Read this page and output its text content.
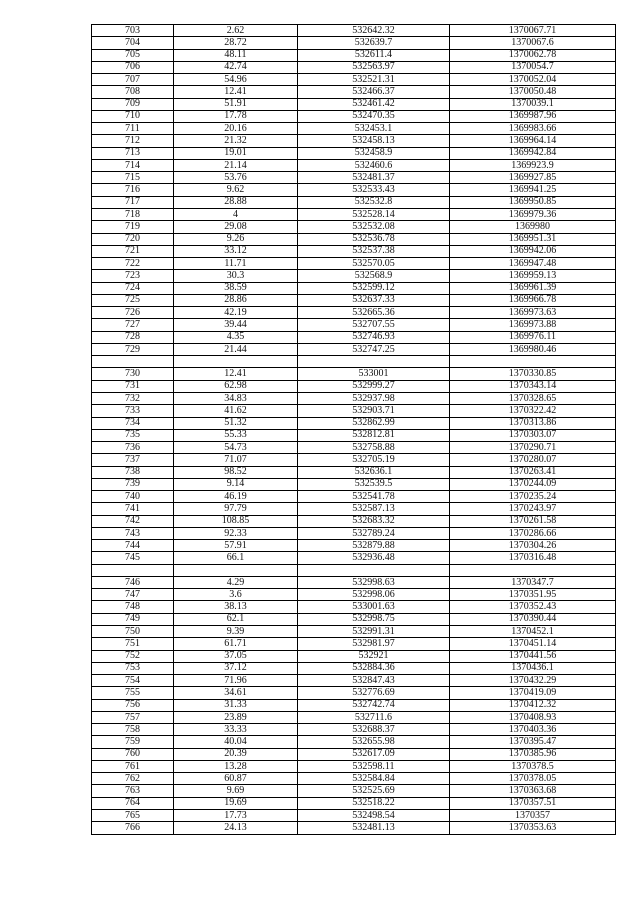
703	2.62	532642.32	1370067.71
704	28.72	532639.7	1370067.6
705	48.11	532611.4	1370062.78
706	42.74	532563.97	1370054.7
707	54.96	532521.31	1370052.04
708	12.41	532466.37	1370050.48
709	51.91	532461.42	1370039.1
710	17.78	532470.35	1369987.96
711	20.16	532453.1	1369983.66
712	21.32	532458.13	1369964.14
713	19.01	532458.9	1369942.84
714	21.14	532460.6	1369923.9
715	53.76	532481.37	1369927.85
716	9.62	532533.43	1369941.25
717	28.88	532532.8	1369950.85
718	4	532528.14	1369979.36
719	29.08	532532.08	1369980
720	9.26	532536.78	1369951.31
721	33.12	532537.38	1369942.06
722	11.71	532570.05	1369947.48
723	30.3	532568.9	1369959.13
724	38.59	532599.12	1369961.39
725	28.86	532637.33	1369966.78
726	42.19	532665.36	1369973.63
727	39.44	532707.55	1369973.88
728	4.35	532746.93	1369976.11
729	21.44	532747.25	1369980.46

730	12.41	533001	1370330.85
731	62.98	532999.27	1370343.14
732	34.83	532937.98	1370328.65
733	41.62	532903.71	1370322.42
734	51.32	532862.99	1370313.86
735	55.33	532812.81	1370303.07
736	54.73	532758.88	1370290.71
737	71.07	532705.19	1370280.07
738	98.52	532636.1	1370263.41
739	9.14	532539.5	1370244.09
740	46.19	532541.78	1370235.24
741	97.79	532587.13	1370243.97
742	108.85	532683.32	1370261.58
743	92.33	532789.24	1370286.66
744	57.91	532879.88	1370304.26
745	66.1	532936.48	1370316.48

746	4.29	532998.63	1370347.7
747	3.6	532998.06	1370351.95
748	38.13	533001.63	1370352.43
749	62.1	532998.75	1370390.44
750	9.39	532991.31	1370452.1
751	61.71	532981.97	1370451.14
752	37.05	532921	1370441.56
753	37.12	532884.36	1370436.1
754	71.96	532847.43	1370432.29
755	34.61	532776.69	1370419.09
756	31.33	532742.74	1370412.32
757	23.89	532711.6	1370408.93
758	33.33	532688.37	1370403.36
759	40.04	532655.98	1370395.47
760	20.39	532617.09	1370385.96
761	13.28	532598.11	1370378.5
762	60.87	532584.84	1370378.05
763	9.69	532525.69	1370363.68
764	19.69	532518.22	1370357.51
765	17.73	532498.54	1370357
766	24.13	532481.13	1370353.63
